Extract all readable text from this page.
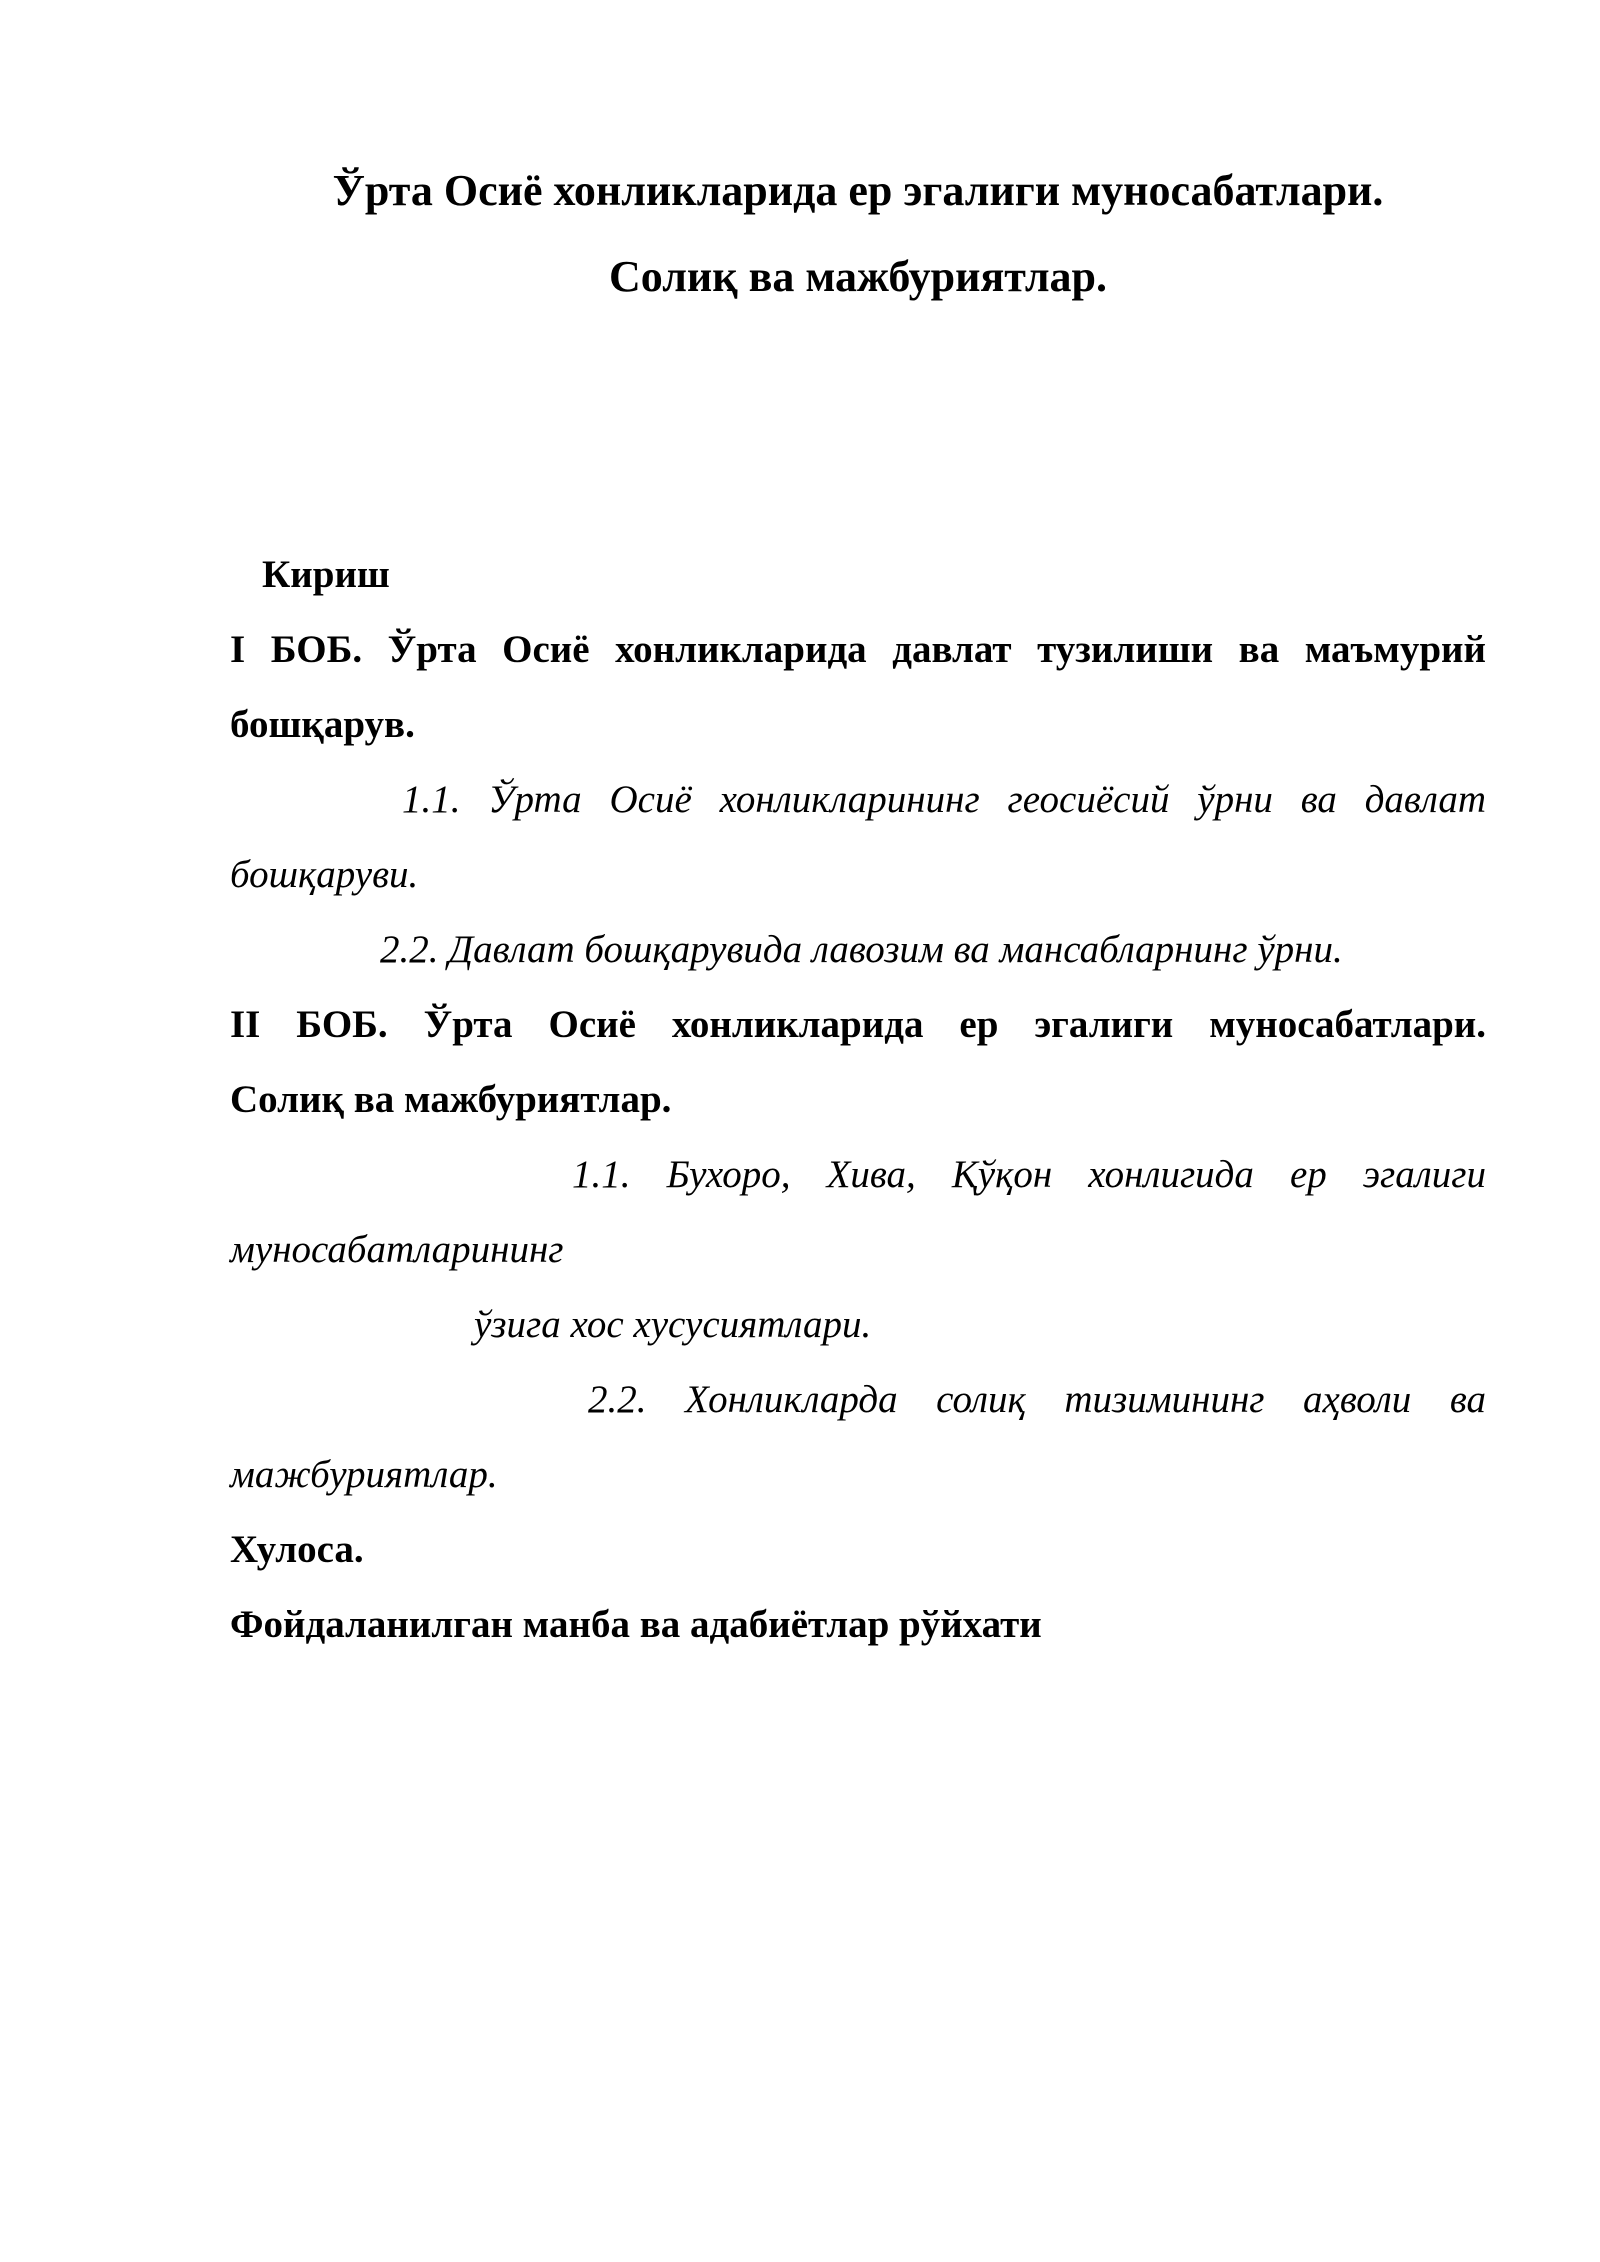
Ўрта Осиё хонликларида ер эгалиги муносабатлари.
Солиқ ва мажбуриятлар.
Кириш
I БОБ. Ўрта Осиё хонликларида давлат тузилиши ва маъмурий
бошқарув.
1.1. Ўрта Осиё хонликларининг геосиёсий ўрни ва давлат
бошқаруви.
2.2. Давлат бошқарувида лавозим ва мансабларнинг ўрни.
II БОБ. Ўрта Осиё хонликларида ер эгалиги муносабатлари.
Солиқ ва мажбуриятлар.
1.1. Бухоро, Хива, Қўқон хонлигида ер эгалиги
муносабатларининг
ўзига хос хусусиятлари.
2.2. Хонликларда солиқ тизимининг аҳволи ва
мажбуриятлар.
Хулоса.
Фойдаланилган манба ва адабиётлар рўйхати
